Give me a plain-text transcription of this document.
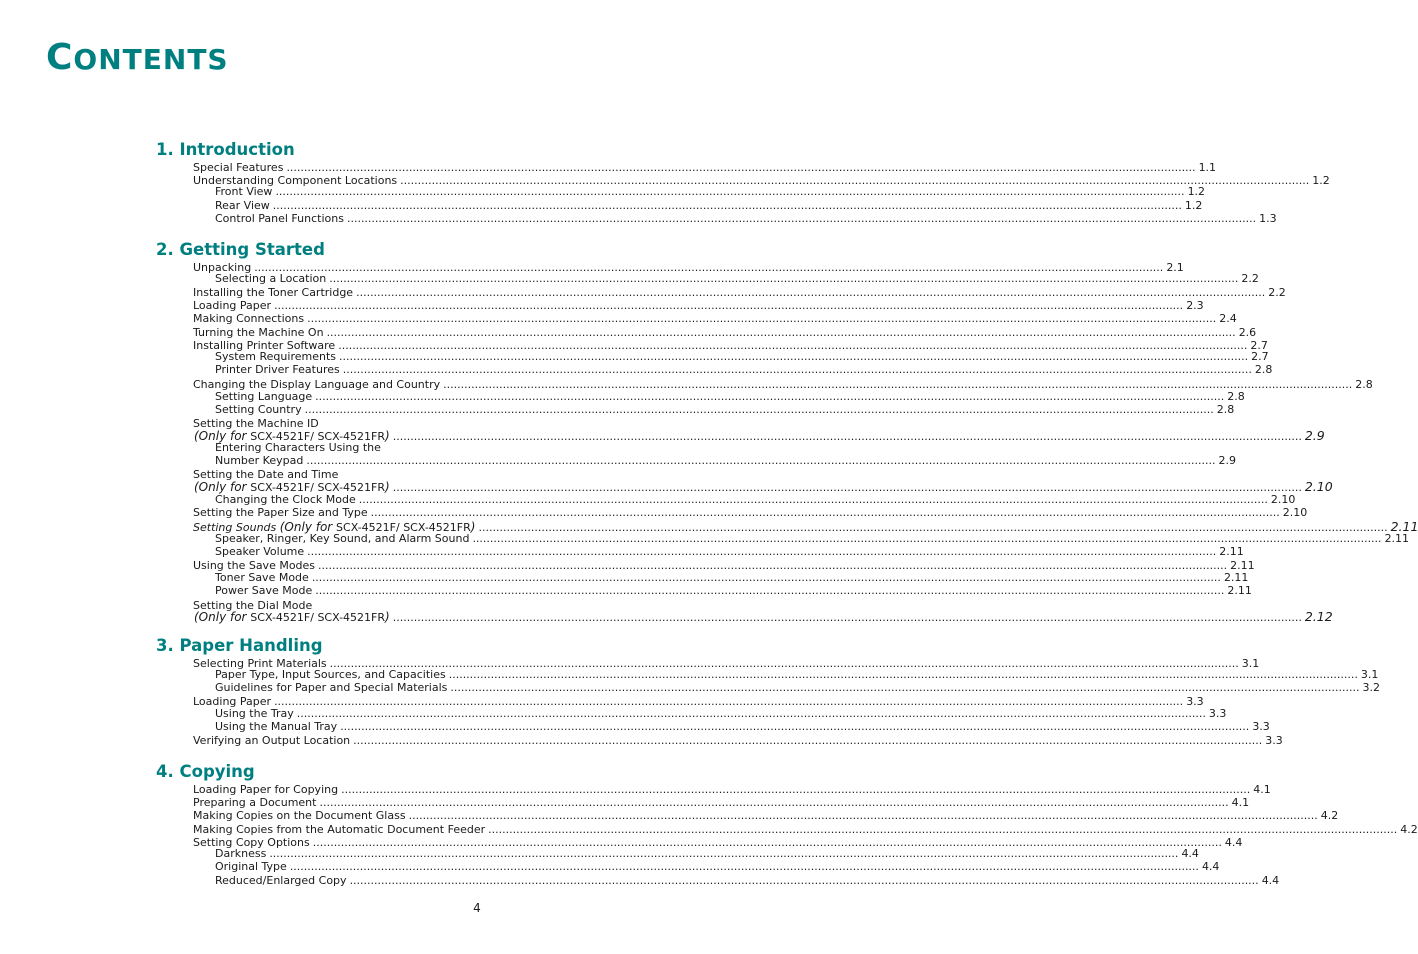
CONTENTS
1. Introduction
Special Features .................................................................................................................................................................................................................................................................... 1.1
Understanding Component Locations .................................................................................................................................................................................................................................................................... 1.2
Front View .................................................................................................................................................................................................................................................................... 1.2
Rear View .................................................................................................................................................................................................................................................................... 1.2
Control Panel Functions .................................................................................................................................................................................................................................................................... 1.3
2. Getting Started
Unpacking .................................................................................................................................................................................................................................................................... 2.1
Selecting a Location .................................................................................................................................................................................................................................................................... 2.2
Installing the Toner Cartridge .................................................................................................................................................................................................................................................................... 2.2
Loading Paper .................................................................................................................................................................................................................................................................... 2.3
Making Connections .................................................................................................................................................................................................................................................................... 2.4
Turning the Machine On .................................................................................................................................................................................................................................................................... 2.6
Installing Printer Software .................................................................................................................................................................................................................................................................... 2.7
System Requirements .................................................................................................................................................................................................................................................................... 2.7
Printer Driver Features .................................................................................................................................................................................................................................................................... 2.8
Changing the Display Language and Country .................................................................................................................................................................................................................................................................... 2.8
Setting Language .................................................................................................................................................................................................................................................................... 2.8
Setting Country .................................................................................................................................................................................................................................................................... 2.8
Setting the Machine ID
(Only for SCX-4521F/ SCX-4521FR) .................................................................................................................................................................................................................................................................... 2.9
Entering Characters Using the
Number Keypad .................................................................................................................................................................................................................................................................... 2.9
Setting the Date and Time
(Only for SCX-4521F/ SCX-4521FR) .................................................................................................................................................................................................................................................................... 2.10
Changing the Clock Mode .................................................................................................................................................................................................................................................................... 2.10
Setting the Paper Size and Type .................................................................................................................................................................................................................................................................... 2.10
Setting Sounds (Only for SCX-4521F/ SCX-4521FR) .................................................................................................................................................................................................................................................................... 2.11
Speaker, Ringer, Key Sound, and Alarm Sound .................................................................................................................................................................................................................................................................... 2.11
Speaker Volume .................................................................................................................................................................................................................................................................... 2.11
Using the Save Modes .................................................................................................................................................................................................................................................................... 2.11
Toner Save Mode .................................................................................................................................................................................................................................................................... 2.11
Power Save Mode .................................................................................................................................................................................................................................................................... 2.11
Setting the Dial Mode
(Only for SCX-4521F/ SCX-4521FR) .................................................................................................................................................................................................................................................................... 2.12
3. Paper Handling
Selecting Print Materials .................................................................................................................................................................................................................................................................... 3.1
Paper Type, Input Sources, and Capacities .................................................................................................................................................................................................................................................................... 3.1
Guidelines for Paper and Special Materials .................................................................................................................................................................................................................................................................... 3.2
Loading Paper .................................................................................................................................................................................................................................................................... 3.3
Using the Tray .................................................................................................................................................................................................................................................................... 3.3
Using the Manual Tray .................................................................................................................................................................................................................................................................... 3.3
Verifying an Output Location .................................................................................................................................................................................................................................................................... 3.3
4. Copying
Loading Paper for Copying .................................................................................................................................................................................................................................................................... 4.1
Preparing a Document .................................................................................................................................................................................................................................................................... 4.1
Making Copies on the Document Glass .................................................................................................................................................................................................................................................................... 4.2
Making Copies from the Automatic Document Feeder .................................................................................................................................................................................................................................................................... 4.2
Setting Copy Options .................................................................................................................................................................................................................................................................... 4.4
Darkness .................................................................................................................................................................................................................................................................... 4.4
Original Type .................................................................................................................................................................................................................................................................... 4.4
Reduced/Enlarged Copy .................................................................................................................................................................................................................................................................... 4.4
4
